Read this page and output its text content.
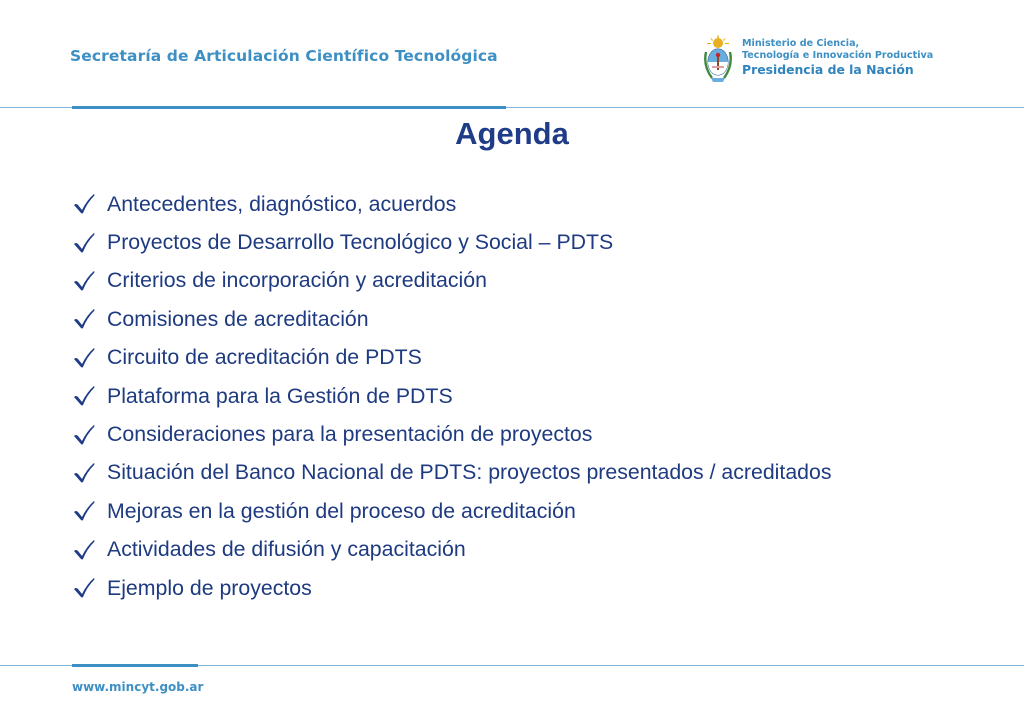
Secretaría de Articulación Científico Tecnológica
Ministerio de Ciencia,
Tecnología e Innovación Productiva
Presidencia de la Nación
Agenda
Antecedentes, diagnóstico, acuerdos
Proyectos de Desarrollo Tecnológico y Social – PDTS
Criterios de incorporación y acreditación
Comisiones de acreditación
Circuito de acreditación de PDTS
Plataforma para la Gestión de PDTS
Consideraciones para la presentación de proyectos
Situación del Banco Nacional de PDTS: proyectos presentados / acreditados
Mejoras en la gestión del proceso de acreditación
Actividades de difusión y capacitación
Ejemplo de proyectos
www.mincyt.gob.ar
